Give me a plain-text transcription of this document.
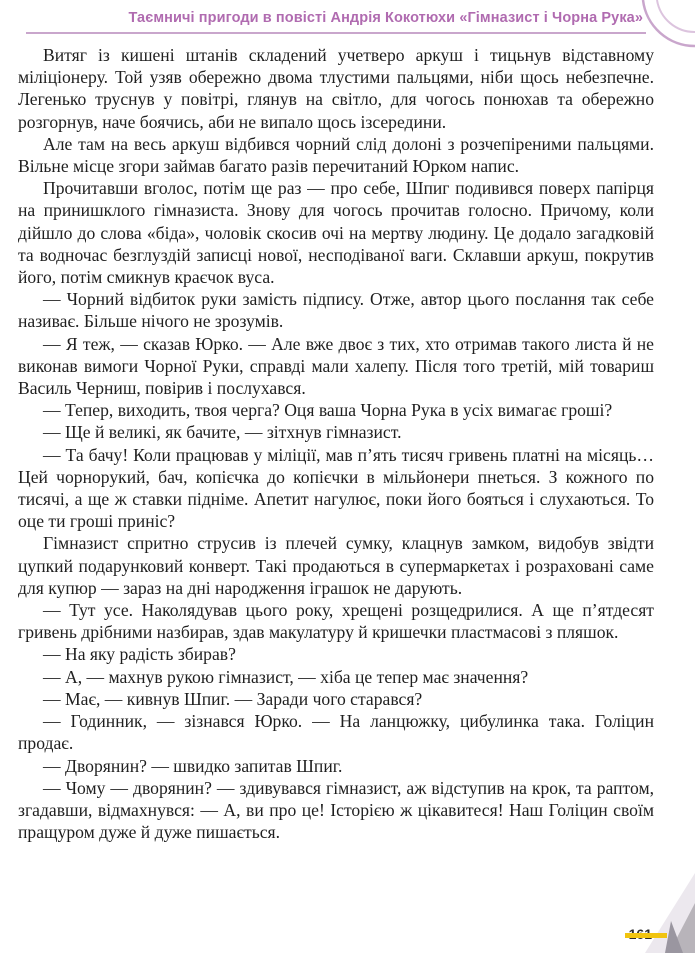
Таємничі пригоди в повісті Андрія Кокотюхи «Гімназист і Чорна Рука»

Витяг із кишені штанів складений учетверо аркуш і тицьнув відставному міліціонеру. Той узяв обережно двома тлустими пальцями, ніби щось небезпечне. Легенько труснув у повітрі, глянув на світло, для чогось понюхав та обережно розгорнув, наче боячись, аби не випало щось ізсередини.

Але там на весь аркуш відбився чорний слід долоні з розчепіреними пальцями. Вільне місце згори займав багато разів перечитаний Юрком напис.

Прочитавши вголос, потім ще раз — про себе, Шпиг подивився поверх папірця на принишклого гімназиста. Знову для чогось прочитав голосно. Причому, коли дійшло до слова «біда», чоловік скосив очі на мертву людину. Це додало загадковій та водночас безглуздій записці нової, несподіваної ваги. Склавши аркуш, покрутив його, потім смикнув краєчок вуса.

— Чорний відбиток руки замість підпису. Отже, автор цього послання так себе називає. Більше нічого не зрозумів.

— Я теж, — сказав Юрко. — Але вже двоє з тих, хто отримав такого листа й не виконав вимоги Чорної Руки, справді мали халепу. Після того третій, мій товариш Василь Черниш, повірив і послухався.

— Тепер, виходить, твоя черга? Оця ваша Чорна Рука в усіх вимагає гроші?

— Ще й великі, як бачите, — зітхнув гімназист.

— Та бачу! Коли працював у міліції, мав п’ять тисяч гривень платні на місяць… Цей чорнорукий, бач, копієчка до копієчки в мільйонери пнеться. З кожного по тисячі, а ще ж ставки підніме. Апетит нагулює, поки його бояться і слухаються. То оце ти гроші приніс?

Гімназист спритно струсив із плечей сумку, клацнув замком, видобув звідти цупкий подарунковий конверт. Такі продаються в супермаркетах і розраховані саме для купюр — зараз на дні народження іграшок не дарують.

— Тут усе. Наколядував цього року, хрещені розщедрилися. А ще п’ятдесят гривень дрібними назбирав, здав макулатуру й кришечки пластмасові з пляшок.

— На яку радість збирав?

— А, — махнув рукою гімназист, — хіба це тепер має значення?

— Має, — кивнув Шпиг. — Заради чого старався?

— Годинник, — зізнався Юрко. — На ланцюжку, цибулинка така. Голіцин продає.

— Дворянин? — швидко запитав Шпиг.

— Чому — дворянин? — здивувався гімназист, аж відступив на крок, та раптом, згадавши, відмахнувся: — А, ви про це! Історією ж цікавитеся! Наш Голіцин своїм пращуром дуже й дуже пишається.
